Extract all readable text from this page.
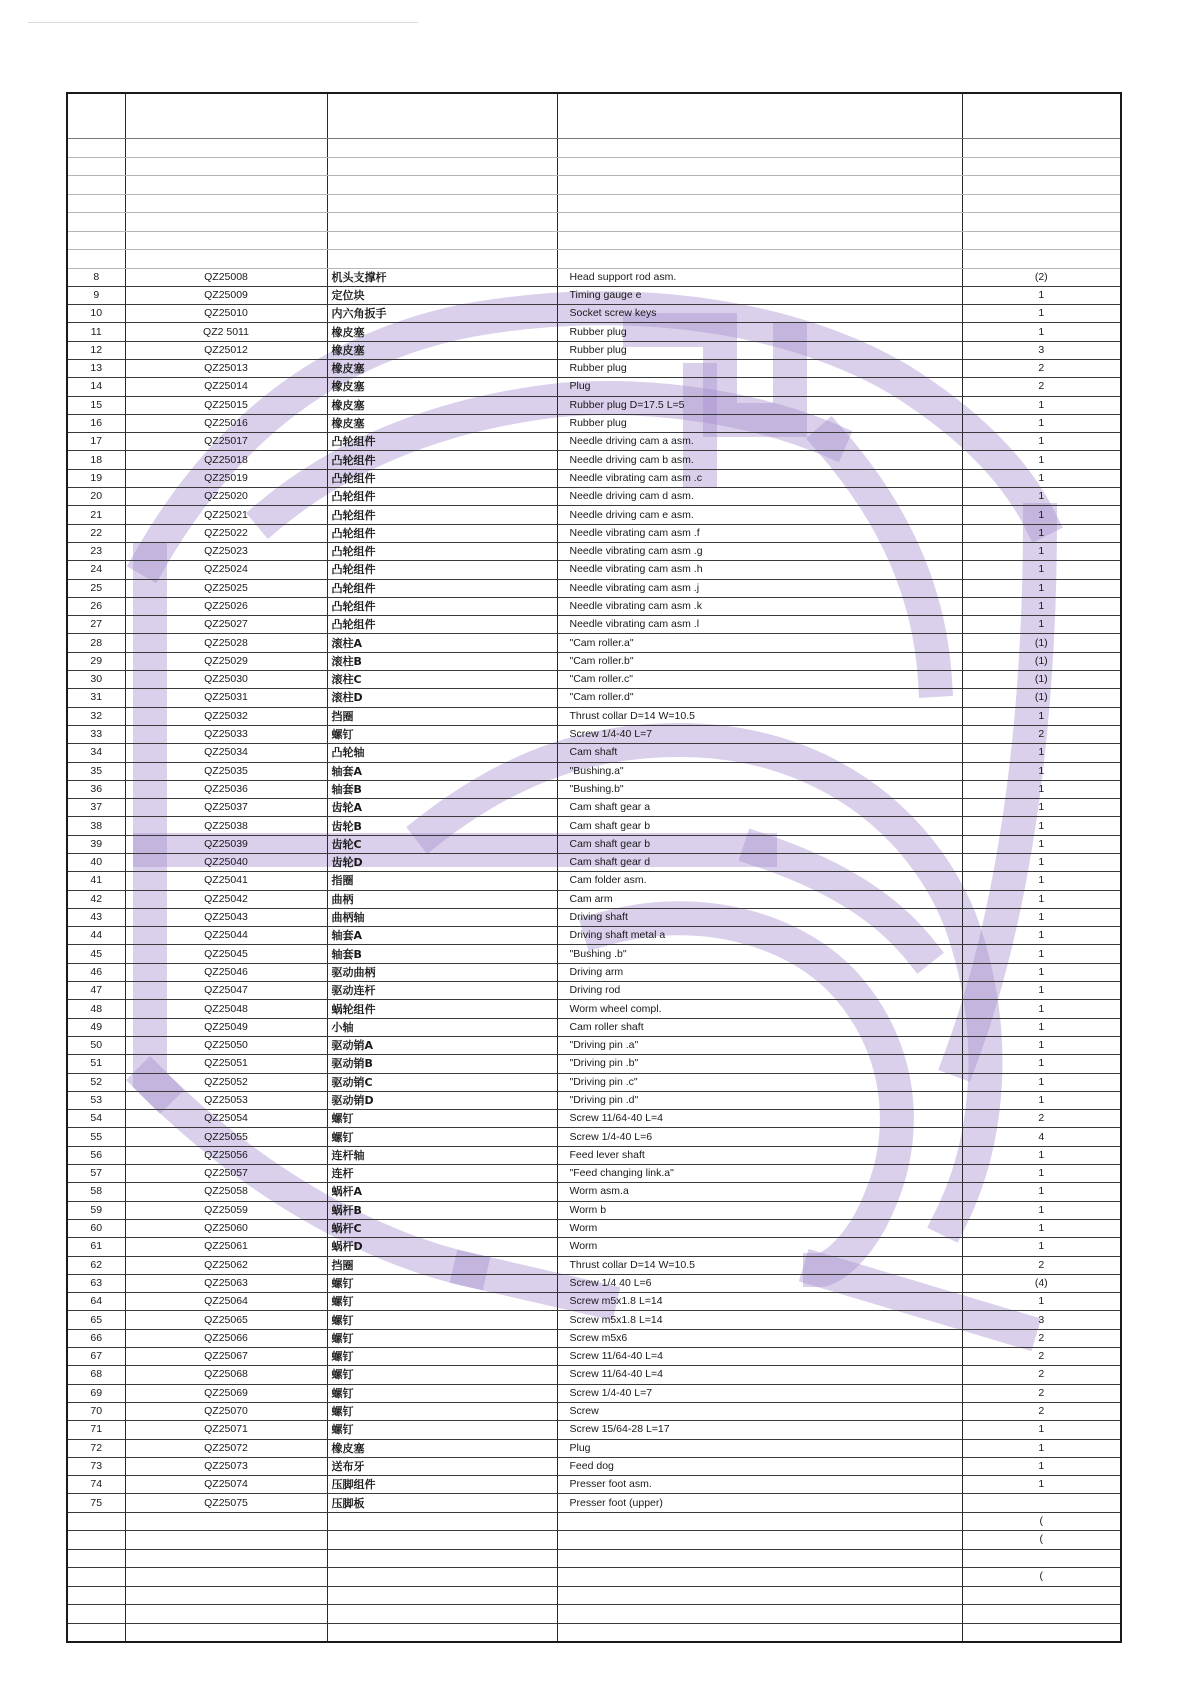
8	QZ25008	机头支撑杆	Head support rod asm.	(2)
9	QZ25009	定位块	Timing gauge e	1
10	QZ25010	内六角扳手	Socket screw keys	1
11	QZ2 5011	橡皮塞	Rubber plug	1
12	QZ25012	橡皮塞	Rubber plug	3
13	QZ25013	橡皮塞	Rubber plug	2
14	QZ25014	橡皮塞	Plug	2
15	QZ25015	橡皮塞	Rubber plug D=17.5 L=5	1
16	QZ25016	橡皮塞	Rubber plug	1
17	QZ25017	凸轮组件	Needle driving cam a asm.	1
18	QZ25018	凸轮组件	Needle driving cam b asm.	1
19	QZ25019	凸轮组件	Needle vibrating cam asm .c	1
20	QZ25020	凸轮组件	Needle driving cam d asm.	1
21	QZ25021	凸轮组件	Needle driving cam e asm.	1
22	QZ25022	凸轮组件	Needle vibrating cam asm .f	1
23	QZ25023	凸轮组件	Needle vibrating cam asm .g	1
24	QZ25024	凸轮组件	Needle vibrating cam asm .h	1
25	QZ25025	凸轮组件	Needle vibrating cam asm .j	1
26	QZ25026	凸轮组件	Needle vibrating cam asm .k	1
27	QZ25027	凸轮组件	Needle vibrating cam asm .l	1
28	QZ25028	滚柱A	"Cam roller.a"	(1)
29	QZ25029	滚柱B	"Cam roller.b"	(1)
30	QZ25030	滚柱C	"Cam roller.c"	(1)
31	QZ25031	滚柱D	"Cam roller.d"	(1)
32	QZ25032	挡圈	Thrust collar D=14 W=10.5	1
33	QZ25033	螺钉	Screw 1/4-40 L=7	2
34	QZ25034	凸轮轴	Cam shaft	1
35	QZ25035	轴套A	"Bushing.a"	1
36	QZ25036	轴套B	"Bushing.b"	1
37	QZ25037	齿轮A	Cam shaft gear a	1
38	QZ25038	齿轮B	Cam shaft gear b	1
39	QZ25039	齿轮C	Cam shaft gear b	1
40	QZ25040	齿轮D	Cam shaft gear d	1
41	QZ25041	指圈	Cam folder asm.	1
42	QZ25042	曲柄	Cam arm	1
43	QZ25043	曲柄轴	Driving shaft	1
44	QZ25044	轴套A	Driving shaft metal a	1
45	QZ25045	轴套B	"Bushing .b"	1
46	QZ25046	驱动曲柄	Driving arm	1
47	QZ25047	驱动连杆	Driving rod	1
48	QZ25048	蜗轮组件	Worm wheel compl.	1
49	QZ25049	小轴	Cam roller shaft	1
50	QZ25050	驱动销A	"Driving pin .a"	1
51	QZ25051	驱动销B	"Driving pin .b"	1
52	QZ25052	驱动销C	"Driving pin .c"	1
53	QZ25053	驱动销D	"Driving pin .d"	1
54	QZ25054	螺钉	Screw 11/64-40 L=4	2
55	QZ25055	螺钉	Screw 1/4-40 L=6	4
56	QZ25056	连杆轴	Feed lever shaft	1
57	QZ25057	连杆	"Feed changing link.a"	1
58	QZ25058	蜗杆A	Worm asm.a	1
59	QZ25059	蜗杆B	Worm b	1
60	QZ25060	蜗杆C	Worm	1
61	QZ25061	蜗杆D	Worm	1
62	QZ25062	挡圈	Thrust collar D=14 W=10.5	2
63	QZ25063	螺钉	Screw 1/4 40 L=6	(4)
64	QZ25064	螺钉	Screw m5x1.8 L=14	1
65	QZ25065	螺钉	Screw m5x1.8 L=14	3
66	QZ25066	螺钉	Screw m5x6	2
67	QZ25067	螺钉	Screw 11/64-40 L=4	2
68	QZ25068	螺钉	Screw 11/64-40 L=4	2
69	QZ25069	螺钉	Screw 1/4-40 L=7	2
70	QZ25070	螺钉	Screw	2
71	QZ25071	螺钉	Screw 15/64-28 L=17	1
72	QZ25072	橡皮塞	Plug	1
73	QZ25073	送布牙	Feed dog	1
74	QZ25074	压脚组件	Presser foot asm.	1
75	QZ25075	压脚板	Presser foot (upper)	
				(
				(

				(
